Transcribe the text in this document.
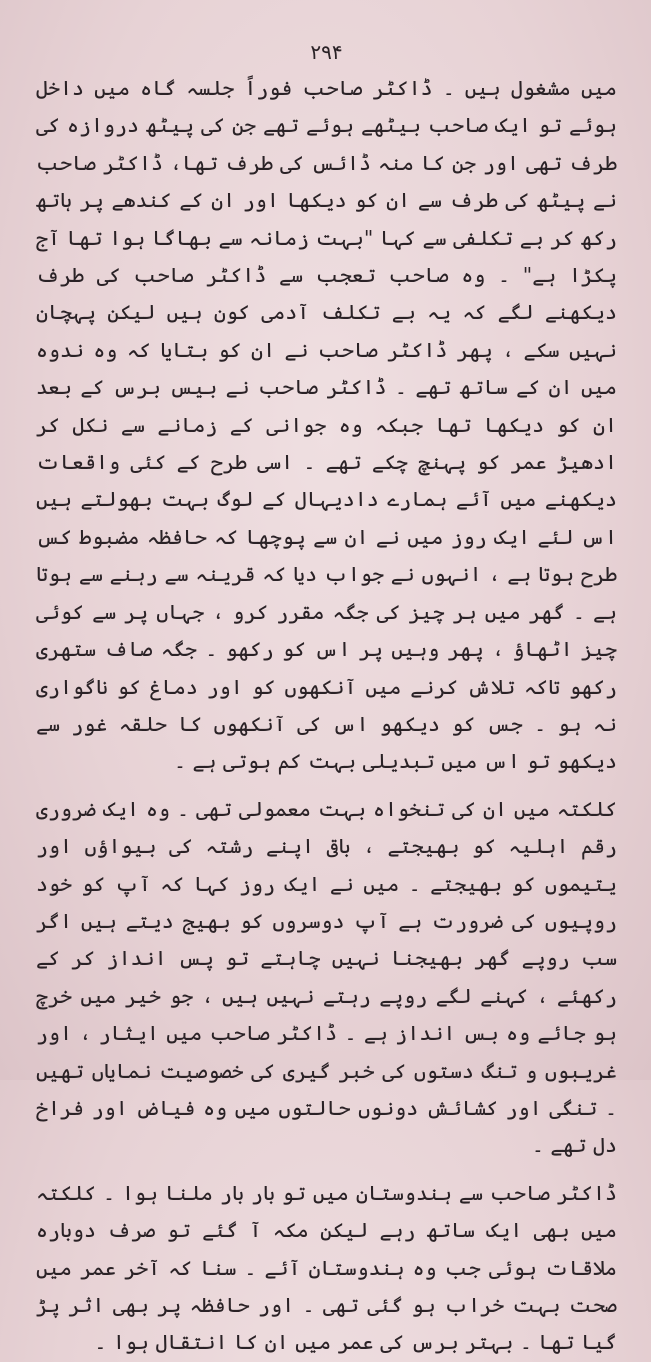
۲۹۴

میں مشغول ہیں ۔ ڈاکٹر صاحب فوراً جلسہ گاہ میں داخل ہوئے تو ایک صاحب بیٹھے ہوئے تھے جن کی پیٹھ دروازہ کی طرف تھی اور جن کا منہ ڈائس کی طرف تھا، ڈاکٹر صاحب نے پیٹھ کی طرف سے ان کو دیکھا اور ان کے کندھے پر ہاتھ رکھ کر بے تکلفی سے کہا "بہت زمانہ سے بھاگا ہوا تھا آج پکڑا ہے" ۔ وہ صاحب تعجب سے ڈاکٹر صاحب کی طرف دیکھنے لگے کہ یہ بے تکلف آدمی کون ہیں لیکن پہچان نہیں سکے ، پھر ڈاکٹر صاحب نے ان کو بتایا کہ وہ ندوہ میں ان کے ساتھ تھے ۔ ڈاکٹر صاحب نے بیس برس کے بعد ان کو دیکھا تھا جبکہ وہ جوانی کے زمانے سے نکل کر ادھیڑ عمر کو پہنچ چکے تھے ۔ اسی طرح کے کئی واقعات دیکھنے میں آئے ہمارے دادیہال کے لوگ بہت بھولتے ہیں اس لئے ایک روز میں نے ان سے پوچھا کہ حافظہ مضبوط کس طرح ہوتا ہے ، انہوں نے جواب دیا کہ قرینہ سے رہنے سے ہوتا ہے ۔ گھر میں ہر چیز کی جگہ مقرر کرو ، جہاں پر سے کوئی چیز اٹھاؤ ، پھر وہیں پر اس کو رکھو ۔ جگہ صاف ستھری رکھو تاکہ تلاش کرنے میں آنکھوں کو اور دماغ کو ناگواری نہ ہو ۔ جس کو دیکھو اس کی آنکھوں کا حلقہ غور سے دیکھو تو اس میں تبدیلی بہت کم ہوتی ہے ۔

کلکتہ میں ان کی تنخواہ بہت معمولی تھی ۔ وہ ایک ضروری رقم اہلیہ کو بھیجتے ، باقی اپنے رشتہ کی بیواؤں اور یتیموں کو بھیجتے ۔ میں نے ایک روز کہا کہ آپ کو خود روپیوں کی ضرورت ہے آپ دوسروں کو بھیج دیتے ہیں اگر سب روپے گھر بھیجنا نہیں چاہتے تو پس انداز کر کے رکھئے ، کہنے لگے روپے رہتے نہیں ہیں ، جو خیر میں خرچ ہو جائے وہ بس انداز ہے ۔ ڈاکٹر صاحب میں ایثار ، اور غریبوں و تنگ دستوں کی خبر گیری کی خصوصیت نمایاں تھیں ۔ تنگی اور کشائش دونوں حالتوں میں وہ فیاض اور فراخ دل تھے ۔

ڈاکٹر صاحب سے ہندوستان میں تو بار بار ملنا ہوا ۔ کلکتہ میں بھی ایک ساتھ رہے لیکن مکہ آ گئے تو صرف دوبارہ ملاقات ہوئی جب وہ ہندوستان آئے ۔ سنا کہ آخر عمر میں صحت بہت خراب ہو گئی تھی ۔ اور حافظہ پر بھی اثر پڑ گیا تھا ۔ بہتر برس کی عمر میں ان کا انتقال ہوا ۔
